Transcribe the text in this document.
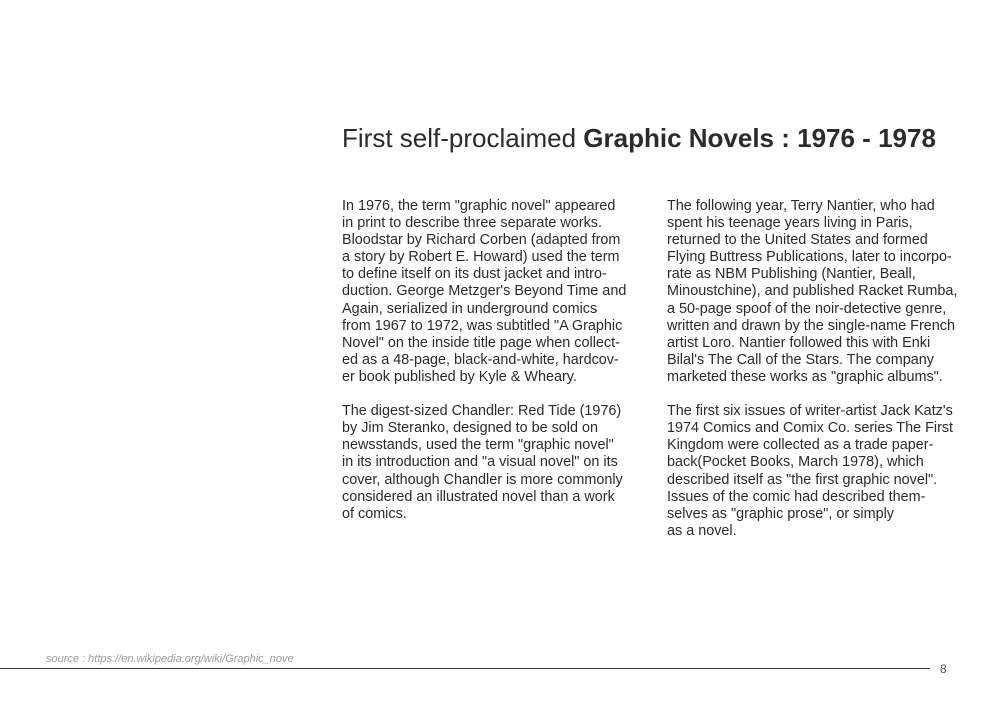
First self-proclaimed Graphic Novels : 1976 - 1978
In 1976, the term "graphic novel" appeared
in print to describe three separate works.
Bloodstar by Richard Corben (adapted from
a story by Robert E. Howard) used the term
to define itself on its dust jacket and intro-
duction. George Metzger's Beyond Time and
Again, serialized in underground comics
from 1967 to 1972, was subtitled "A Graphic
Novel" on the inside title page when collect-
ed as a 48-page, black-and-white, hardcov-
er book published by Kyle & Wheary.
The digest-sized Chandler: Red Tide (1976)
by Jim Steranko, designed to be sold on
newsstands, used the term "graphic novel"
in its introduction and "a visual novel" on its
cover, although Chandler is more commonly
considered an illustrated novel than a work
of comics.
The following year, Terry Nantier, who had
spent his teenage years living in Paris,
returned to the United States and formed
Flying Buttress Publications, later to incorpo-
rate as NBM Publishing (Nantier, Beall,
Minoustchine), and published Racket Rumba,
a 50-page spoof of the noir-detective genre,
written and drawn by the single-name French
artist Loro. Nantier followed this with Enki
Bilal's The Call of the Stars. The company
marketed these works as "graphic albums".
The first six issues of writer-artist Jack Katz's
1974 Comics and Comix Co. series The First
Kingdom were collected as a trade paper-
back(Pocket Books, March 1978), which
described itself as "the first graphic novel".
Issues of the comic had described them-
selves as "graphic prose", or simply
as a novel.
source : https://en.wikipedia.org/wiki/Graphic_nove
8
